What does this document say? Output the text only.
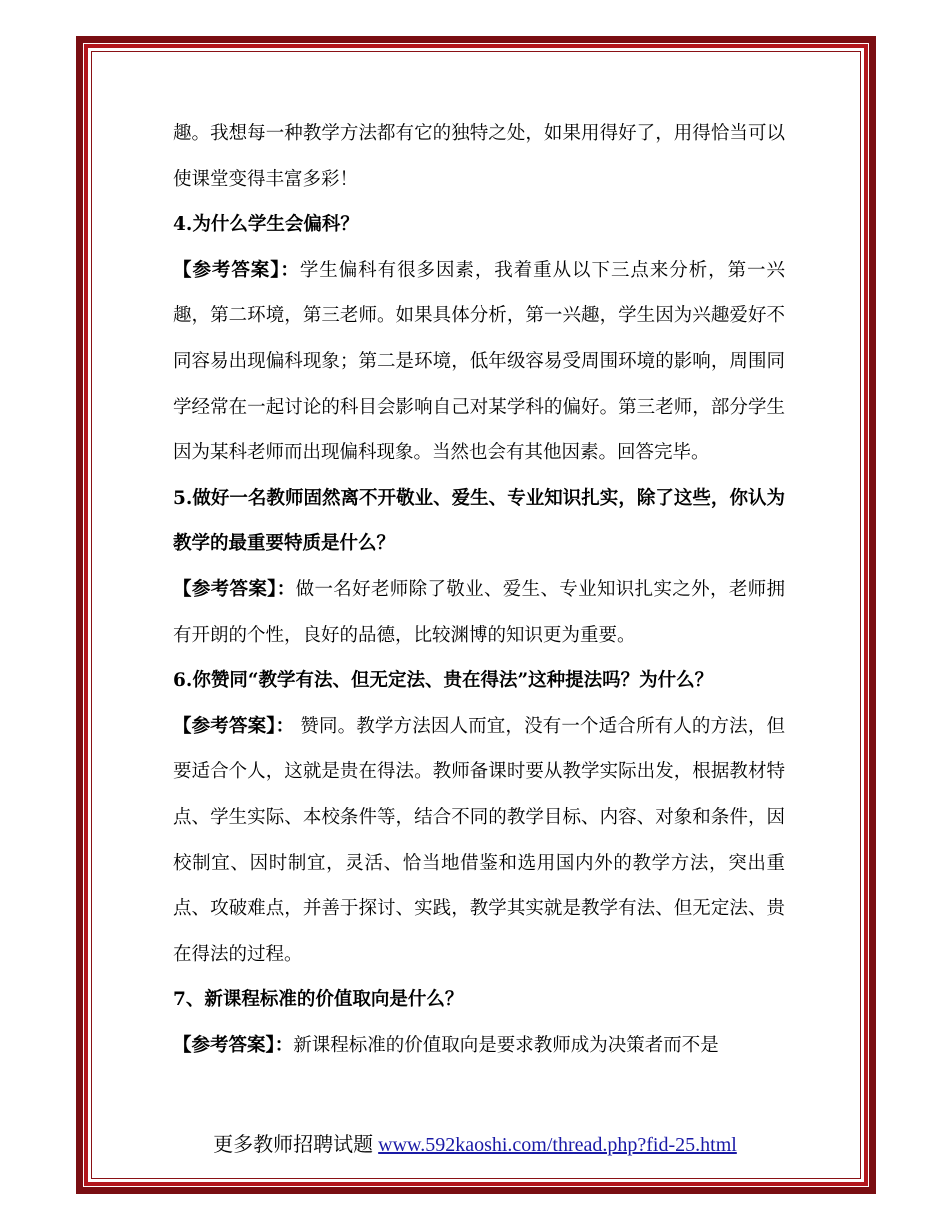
趣。我想每一种教学方法都有它的独特之处，如果用得好了，用得恰当可以使课堂变得丰富多彩！

4.为什么学生会偏科？

【参考答案】：学生偏科有很多因素，我着重从以下三点来分析，第一兴趣，第二环境，第三老师。如果具体分析，第一兴趣，学生因为兴趣爱好不同容易出现偏科现象；第二是环境，低年级容易受周围环境的影响，周围同学经常在一起讨论的科目会影响自己对某学科的偏好。第三老师，部分学生因为某科老师而出现偏科现象。当然也会有其他因素。回答完毕。

5.做好一名教师固然离不开敬业、爱生、专业知识扎实，除了这些，你认为教学的最重要特质是什么？

【参考答案】：做一名好老师除了敬业、爱生、专业知识扎实之外，老师拥有开朗的个性，良好的品德，比较渊博的知识更为重要。

6.你赞同“教学有法、但无定法、贵在得法”这种提法吗？为什么？

【参考答案】： 赞同。教学方法因人而宜，没有一个适合所有人的方法，但要适合个人，这就是贵在得法。教师备课时要从教学实际出发，根据教材特点、学生实际、本校条件等，结合不同的教学目标、内容、对象和条件，因校制宜、因时制宜，灵活、恰当地借鉴和选用国内外的教学方法，突出重点、攻破难点，并善于探讨、实践，教学其实就是教学有法、但无定法、贵在得法的过程。

7、新课程标准的价值取向是什么？

【参考答案】：新课程标准的价值取向是要求教师成为决策者而不是

更多教师招聘试题 www.592kaoshi.com/thread.php?fid-25.html
